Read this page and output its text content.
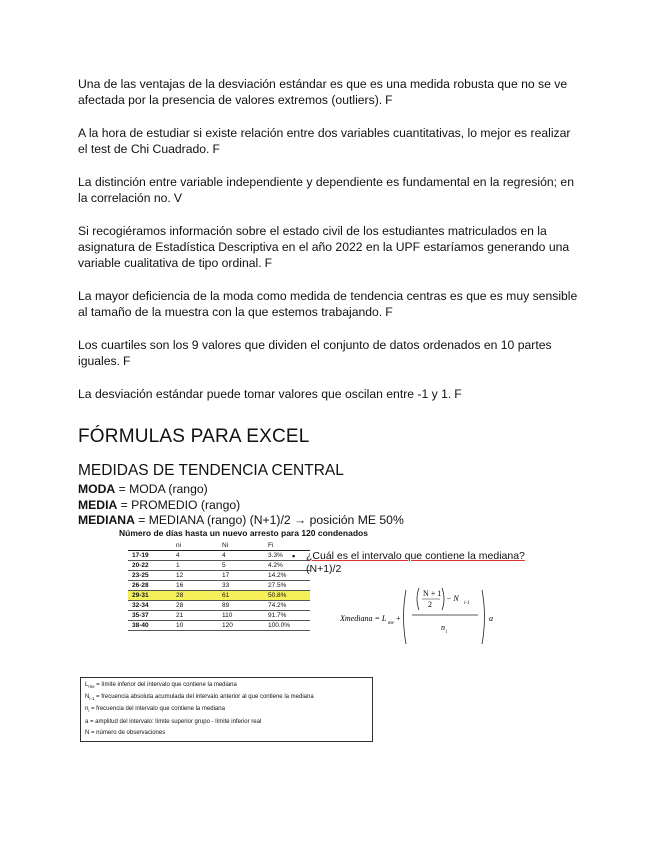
Una de las ventajas de la desviación estándar es que es una medida robusta que no se ve afectada por la presencia de valores extremos (outliers). F

A la hora de estudiar si existe relación entre dos variables cuantitativas, lo mejor es realizar el test de Chi Cuadrado. F

La distinción entre variable independiente y dependiente es fundamental en la regresión; en la correlación no. V

Si recogiéramos información sobre el estado civil de los estudiantes matriculados en la asignatura de Estadística Descriptiva en el año 2022 en la UPF estaríamos generando una variable cualitativa de tipo ordinal. F

La mayor deficiencia de la moda como medida de tendencia centras es que es muy sensible al tamaño de la muestra con la que estemos trabajando. F

Los cuartiles son los 9 valores que dividen el conjunto de datos ordenados en 10 partes iguales. F

La desviación estándar puede tomar valores que oscilan entre -1 y 1. F

FÓRMULAS PARA EXCEL
MEDIDAS DE TENDENCIA CENTRAL

MODA = MODA (rango)

MEDIA = PROMEDIO (rango)

MEDIANA = MEDIANA (rango) (N+1)/2 → posición ME 50%

Número de días hasta un nuevo arresto para 120 condenados
	ni	Ni	Fi
17-19	4	4	3.3%
20-22	1	5	4.2%
23-25	12	17	14.2%
26-28	16	33	27.5%
29-31	28	61	50.8%
32-34	28	89	74.2%
35-37	21	110	91.7%
38-40	10	120	100.0%
▪ ¿Cuál es el intervalo que contiene la mediana?
(N+1)/2
Xmediana = L
me
+
N + 1
2
− N
i-1
n
i
a
$L_{me}$ = límite inferior del intervalo que contiene la mediana
$N_{i-1}$ = frecuencia absoluta acumulada del intervalo anterior al que contiene la mediana
$n_i$ = frecuencia del intervalo que contiene la mediana
a = amplitud del intervalo: límite superior grupo - límite inferior real
N = número de observaciones
